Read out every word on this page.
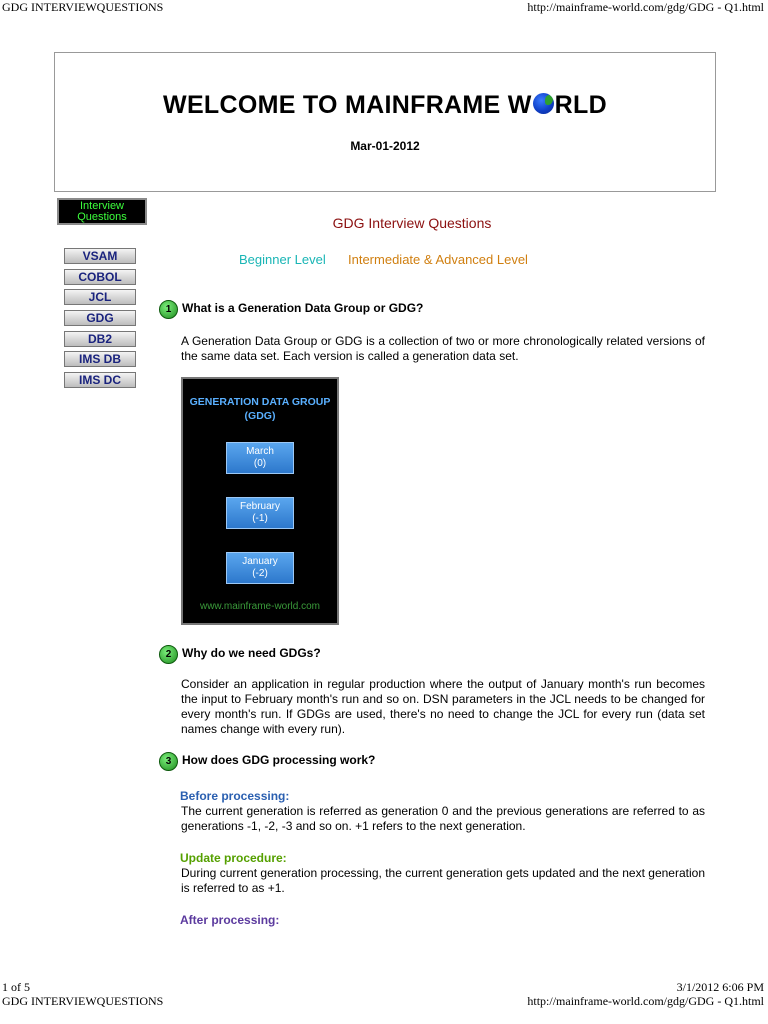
GDG INTERVIEWQUESTIONS	http://mainframe-world.com/gdg/GDG - Q1.html
WELCOME TO MAINFRAME W RLD
Mar-01-2012
Interview
Questions
VSAM
COBOL
JCL
GDG
DB2
IMS DB
IMS DC
GDG Interview Questions
Beginner Level Intermediate & Advanced Level
1 What is a Generation Data Group or GDG?
A Generation Data Group or GDG is a collection of two or more chronologically related versions of the same data set. Each version is called a generation data set.
GENERATION DATA GROUP
(GDG)
March
(0)
February
(-1)
January
(-2)
www.mainframe-world.com
2 Why do we need GDGs?
Consider an application in regular production where the output of January month's run becomes the input to February month's run and so on. DSN parameters in the JCL needs to be changed for every month's run. If GDGs are used, there's no need to change the JCL for every run (data set names change with every run).
3 How does GDG processing work?
Before processing:
The current generation is referred as generation 0 and the previous generations are referred to as generations -1, -2, -3 and so on. +1 refers to the next generation.
Update procedure:
During current generation processing, the current generation gets updated and the next generation is referred to as +1.
After processing:
1 of 5	3/1/2012 6:06 PM
GDG INTERVIEWQUESTIONS	http://mainframe-world.com/gdg/GDG - Q1.html
